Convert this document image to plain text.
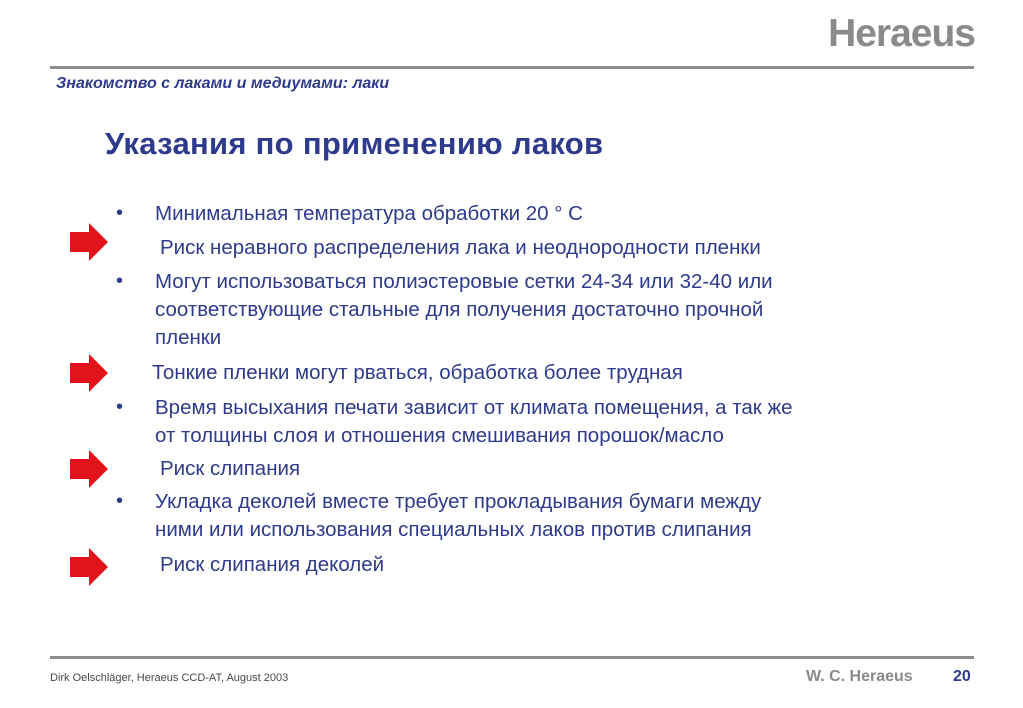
Heraeus
Знакомство с лаками и медиумами: лаки
Указания по применению лаков
• Минимальная температура обработки 20 ° С
Риск неравного распределения лака и неоднородности пленки
• Могут использоваться полиэстеровые сетки 24-34 или 32-40 или
соответствующие стальные для получения достаточно прочной
пленки
Тонкие пленки могут рваться, обработка более трудная
• Время высыхания печати зависит от климата помещения, а так же
от толщины слоя и отношения смешивания порошок/масло
Риск слипания
• Укладка деколей вместе требует прокладывания бумаги между
ними или использования специальных лаков против слипания
Риск слипания деколей
Dirk Oelschläger, Heraeus CCD-AT, August 2003	W. C. Heraeus	20
